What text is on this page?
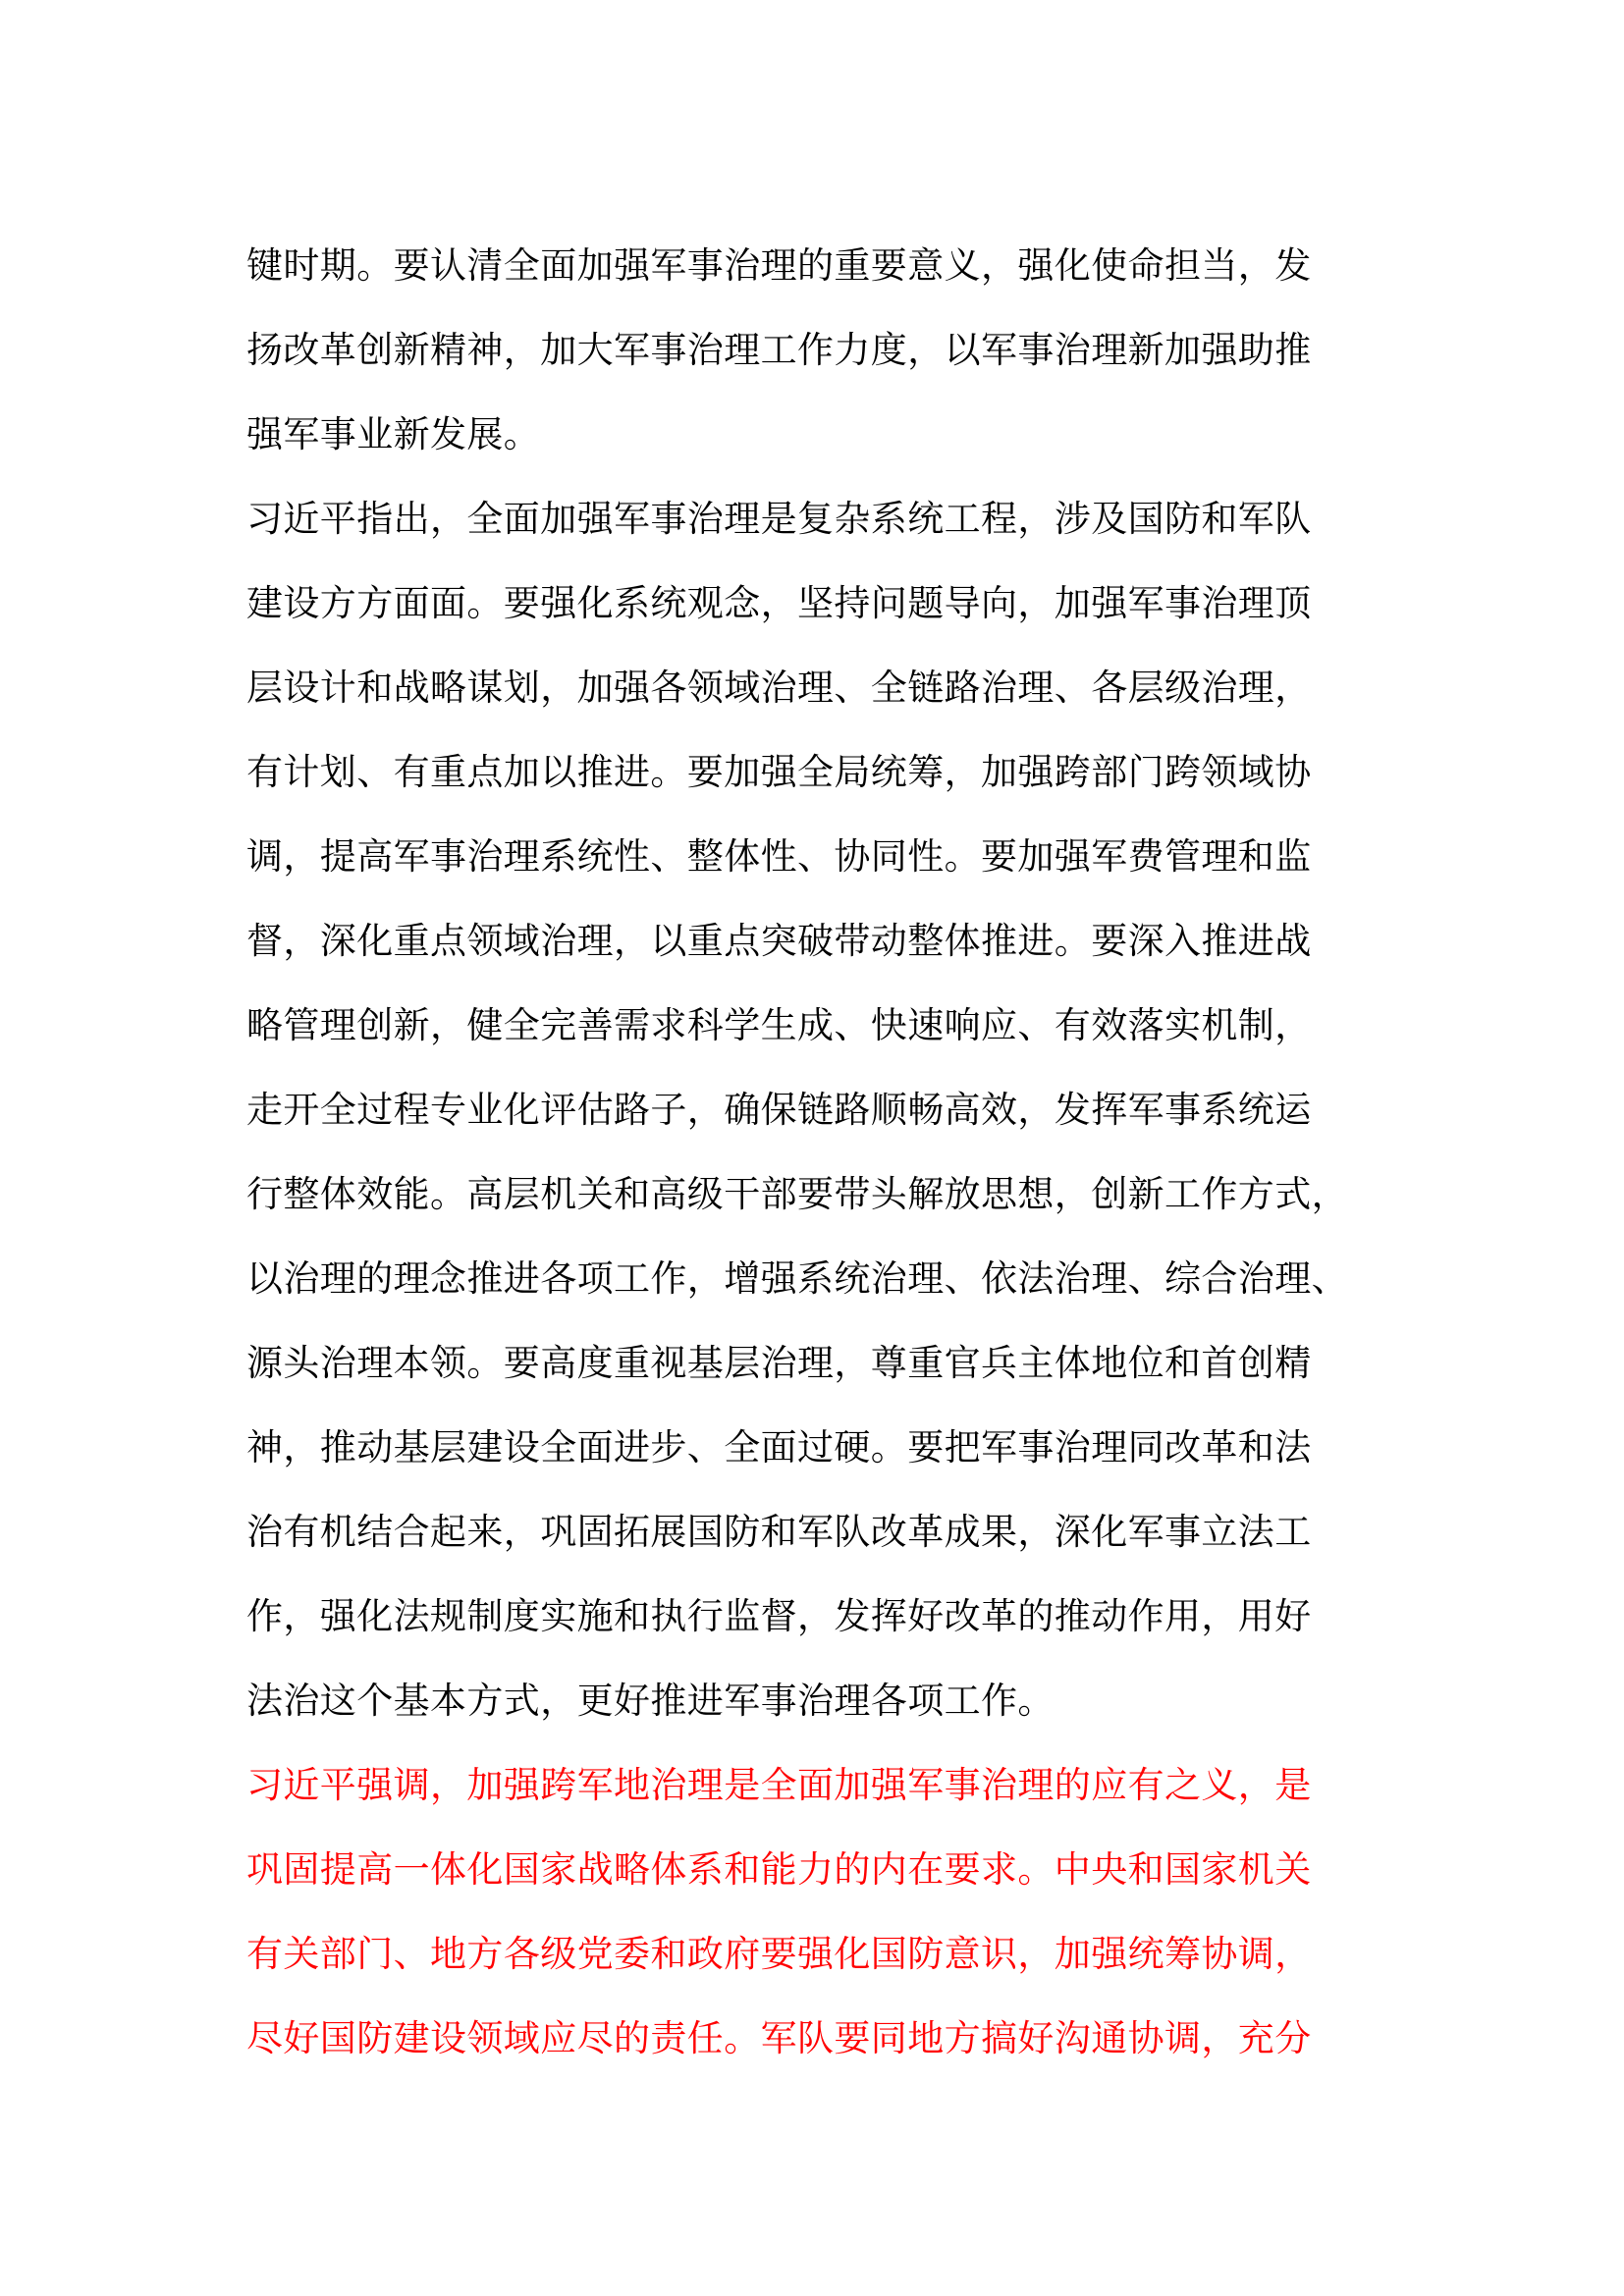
键时期。要认清全面加强军事治理的重要意义，强化使命担当，发
扬改革创新精神，加大军事治理工作力度，以军事治理新加强助推
强军事业新发展。
习近平指出，全面加强军事治理是复杂系统工程，涉及国防和军队
建设方方面面。要强化系统观念，坚持问题导向，加强军事治理顶
层设计和战略谋划，加强各领域治理、全链路治理、各层级治理，
有计划、有重点加以推进。要加强全局统筹，加强跨部门跨领域协
调，提高军事治理系统性、整体性、协同性。要加强军费管理和监
督，深化重点领域治理，以重点突破带动整体推进。要深入推进战
略管理创新，健全完善需求科学生成、快速响应、有效落实机制，
走开全过程专业化评估路子，确保链路顺畅高效，发挥军事系统运
行整体效能。高层机关和高级干部要带头解放思想，创新工作方式，
以治理的理念推进各项工作，增强系统治理、依法治理、综合治理、
源头治理本领。要高度重视基层治理，尊重官兵主体地位和首创精
神，推动基层建设全面进步、全面过硬。要把军事治理同改革和法
治有机结合起来，巩固拓展国防和军队改革成果，深化军事立法工
作，强化法规制度实施和执行监督，发挥好改革的推动作用，用好
法治这个基本方式，更好推进军事治理各项工作。
习近平强调，加强跨军地治理是全面加强军事治理的应有之义，是
巩固提高一体化国家战略体系和能力的内在要求。中央和国家机关
有关部门、地方各级党委和政府要强化国防意识，加强统筹协调，
尽好国防建设领域应尽的责任。军队要同地方搞好沟通协调，充分
